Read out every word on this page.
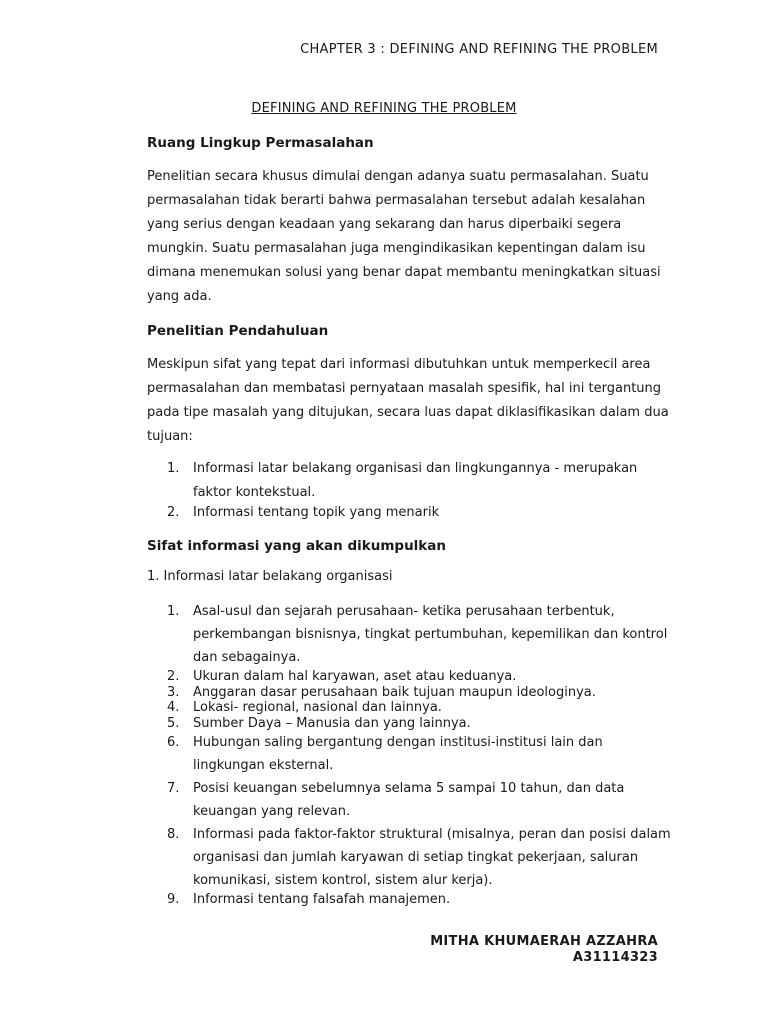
CHAPTER 3 : DEFINING AND REFINING THE PROBLEM
DEFINING AND REFINING THE PROBLEM
Ruang Lingkup Permasalahan

Penelitian secara khusus dimulai dengan adanya suatu permasalahan. Suatu permasalahan tidak berarti bahwa permasalahan tersebut adalah kesalahan yang serius dengan keadaan yang sekarang dan harus diperbaiki segera mungkin. Suatu permasalahan juga mengindikasikan kepentingan dalam isu dimana menemukan solusi yang benar dapat membantu meningkatkan situasi yang ada.

Penelitian Pendahuluan

Meskipun sifat yang tepat dari informasi dibutuhkan untuk memperkecil area permasalahan dan membatasi pernyataan masalah spesifik, hal ini tergantung pada tipe masalah yang ditujukan, secara luas dapat diklasifikasikan dalam dua tujuan:

1. Informasi latar belakang organisasi dan lingkungannya - merupakan faktor kontekstual.
2. Informasi tentang topik yang menarik
Sifat informasi yang akan dikumpulkan

1. Informasi latar belakang organisasi

1. Asal-usul dan sejarah perusahaan- ketika perusahaan terbentuk, perkembangan bisnisnya, tingkat pertumbuhan, kepemilikan dan kontrol dan sebagainya.
2. Ukuran dalam hal karyawan, aset atau keduanya.
3. Anggaran dasar perusahaan baik tujuan maupun ideologinya.
4. Lokasi- regional, nasional dan lainnya.
5. Sumber Daya – Manusia dan yang lainnya.
6. Hubungan saling bergantung dengan institusi-institusi lain dan lingkungan eksternal.
7. Posisi keuangan sebelumnya selama 5 sampai 10 tahun, dan data keuangan yang relevan.
8. Informasi pada faktor-faktor struktural (misalnya, peran dan posisi dalam organisasi dan jumlah karyawan di setiap tingkat pekerjaan, saluran komunikasi, sistem kontrol, sistem alur kerja).
9. Informasi tentang falsafah manajemen.
MITHA KHUMAERAH AZZAHRA
A31114323
